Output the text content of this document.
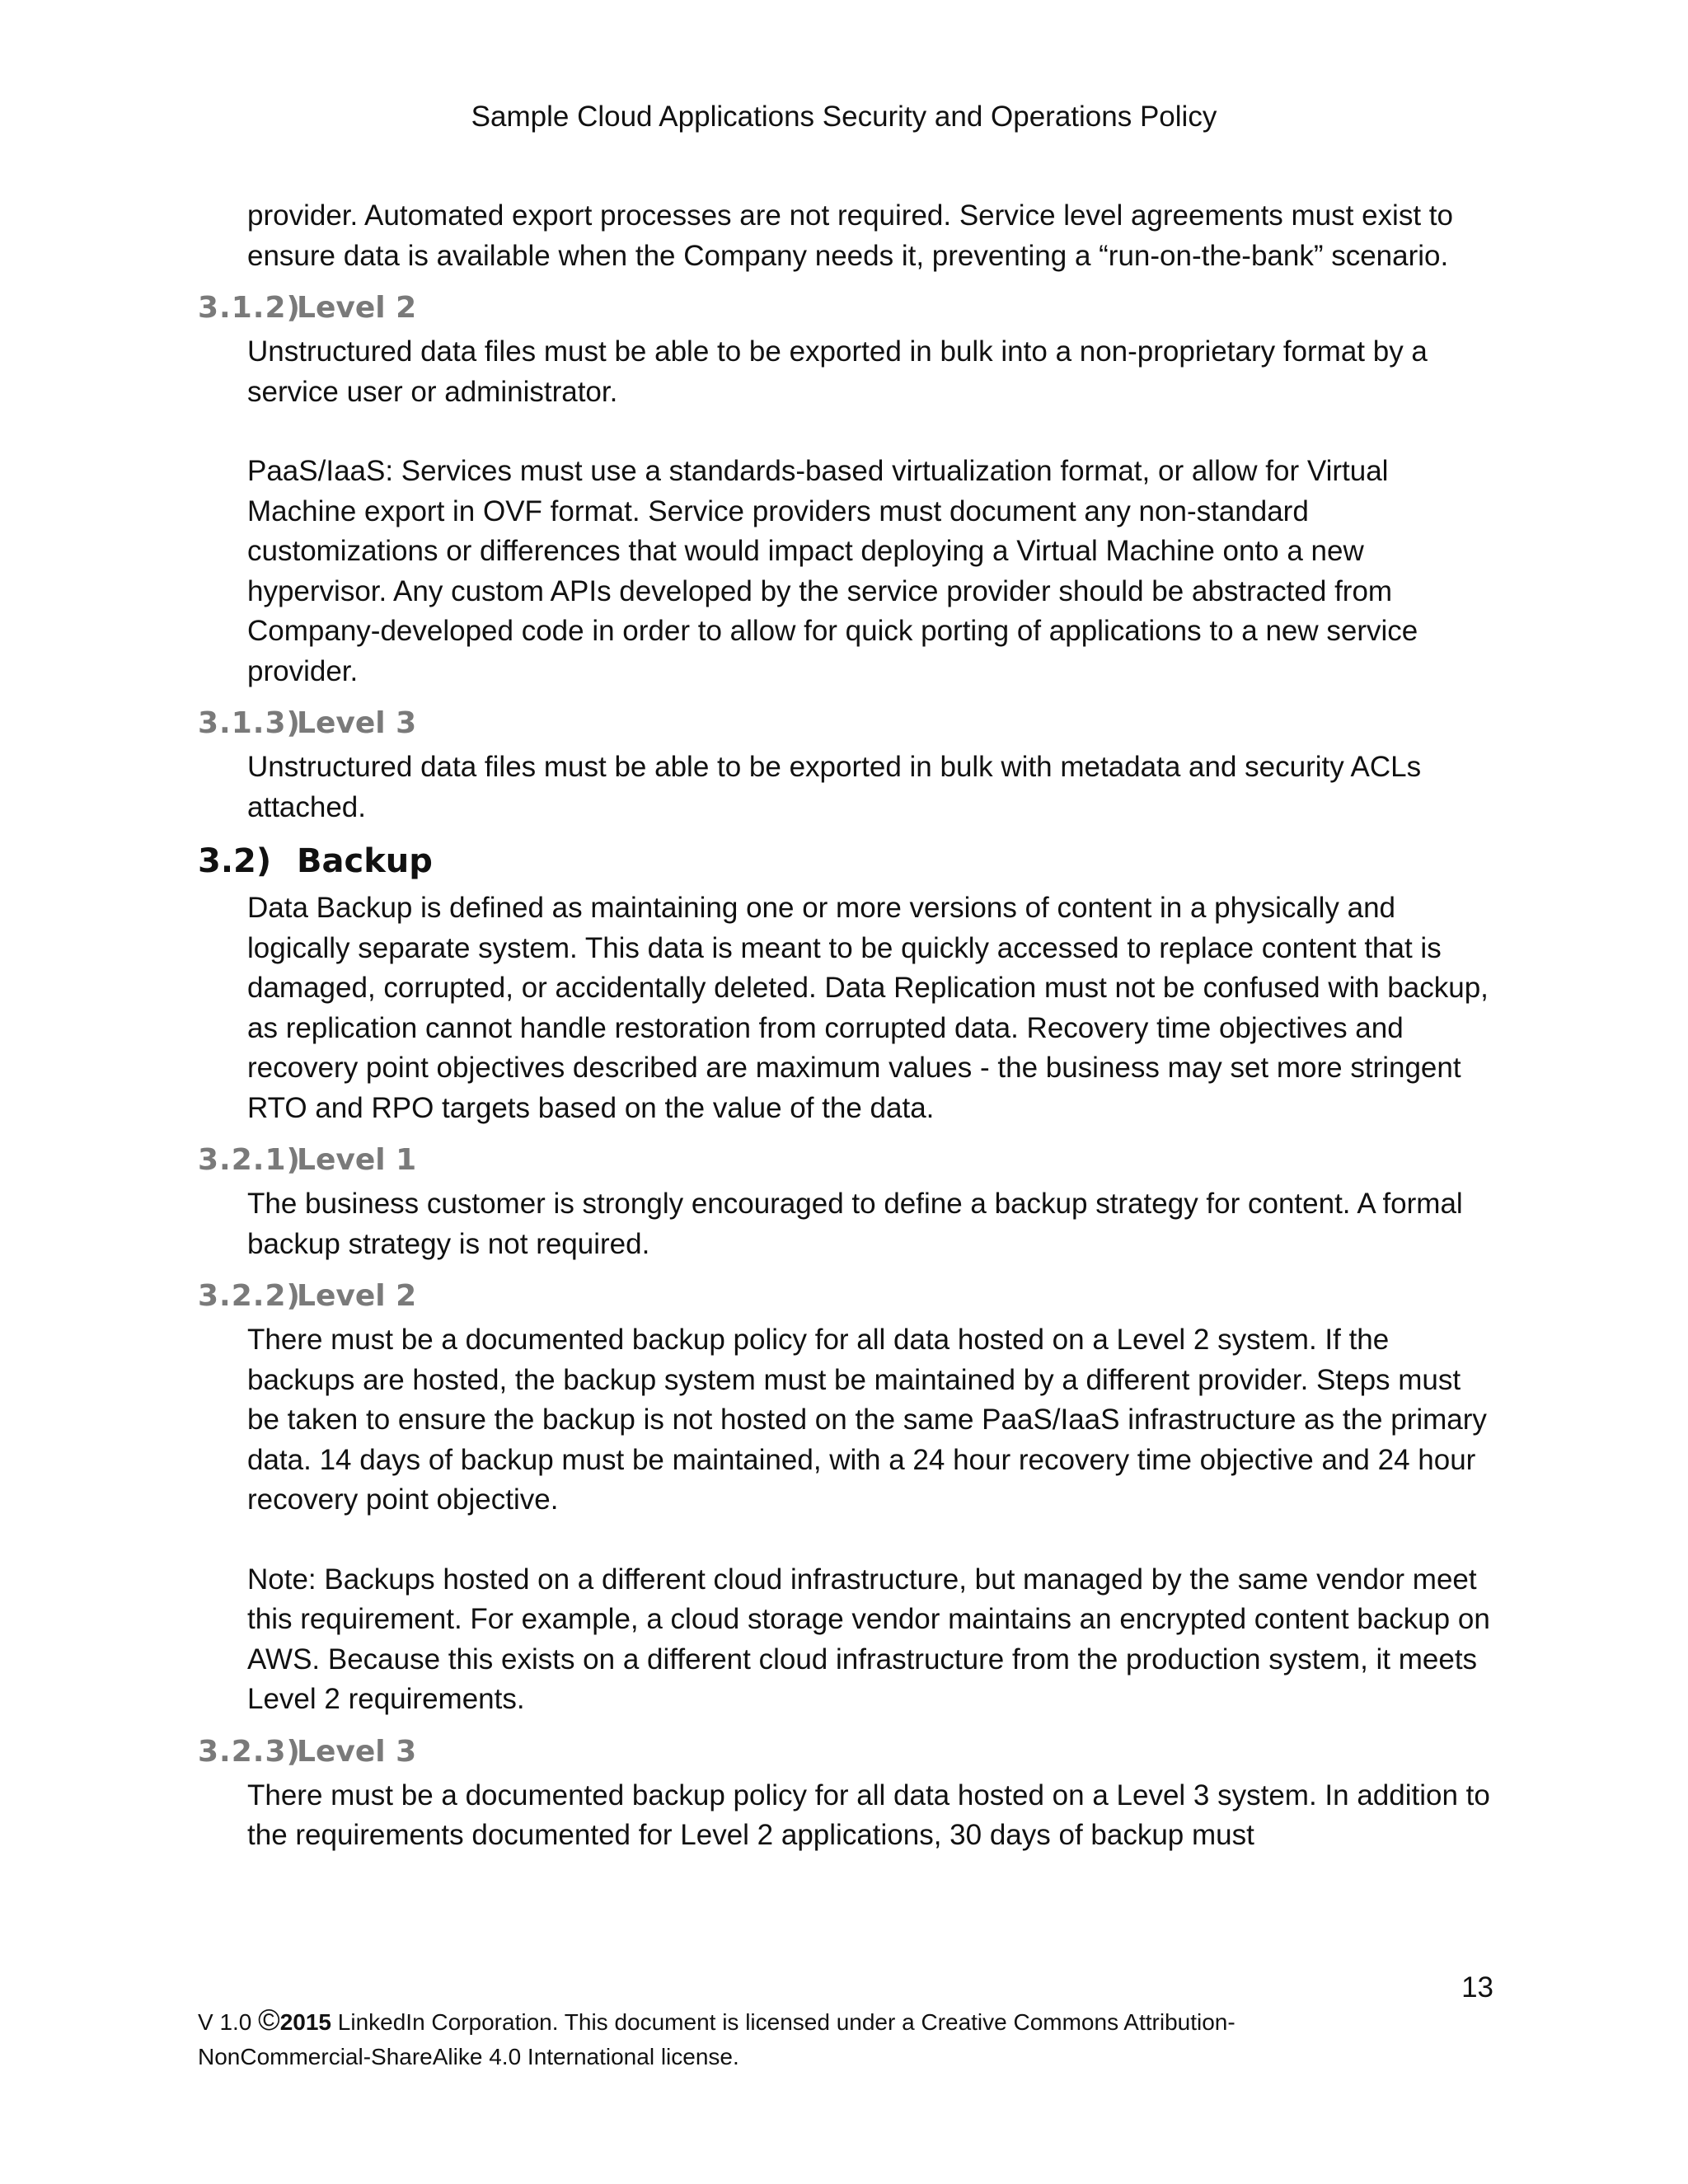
Sample Cloud Applications Security and Operations Policy

provider. Automated export processes are not required. Service level agreements must exist to ensure data is available when the Company needs it, preventing a “run-on-the-bank” scenario.

3.1.2)
Level 2

Unstructured data files must be able to be exported in bulk into a non-proprietary format by a service user or administrator.

PaaS/IaaS: Services must use a standards-based virtualization format, or allow for Virtual Machine export in OVF format. Service providers must document any non-standard customizations or differences that would impact deploying a Virtual Machine onto a new hypervisor. Any custom APIs developed by the service provider should be abstracted from Company-developed code in order to allow for quick porting of applications to a new service provider.

3.1.3)
Level 3

Unstructured data files must be able to be exported in bulk with metadata and security ACLs attached.

3.2) Backup

Data Backup is defined as maintaining one or more versions of content in a physically and logically separate system. This data is meant to be quickly accessed to replace content that is damaged, corrupted, or accidentally deleted. Data Replication must not be confused with backup, as replication cannot handle restoration from corrupted data. Recovery time objectives and recovery point objectives described are maximum values - the business may set more stringent RTO and RPO targets based on the value of the data.

3.2.1)
Level 1

The business customer is strongly encouraged to define a backup strategy for content. A formal backup strategy is not required.

3.2.2)
Level 2

There must be a documented backup policy for all data hosted on a Level 2 system. If the backups are hosted, the backup system must be maintained by a different provider. Steps must be taken to ensure the backup is not hosted on the same PaaS/IaaS infrastructure as the primary data. 14 days of backup must be maintained, with a 24 hour recovery time objective and 24 hour recovery point objective.

Note: Backups hosted on a different cloud infrastructure, but managed by the same vendor meet this requirement. For example, a cloud storage vendor maintains an encrypted content backup on AWS. Because this exists on a different cloud infrastructure from the production system, it meets Level 2 requirements.

3.2.3)
Level 3

There must be a documented backup policy for all data hosted on a Level 3 system. In addition to the requirements documented for Level 2 applications, 30 days of backup must

13
V 1.0 ©2015 LinkedIn Corporation. This document is licensed under a Creative Commons Attribution-
NonCommercial-ShareAlike 4.0 International license.
